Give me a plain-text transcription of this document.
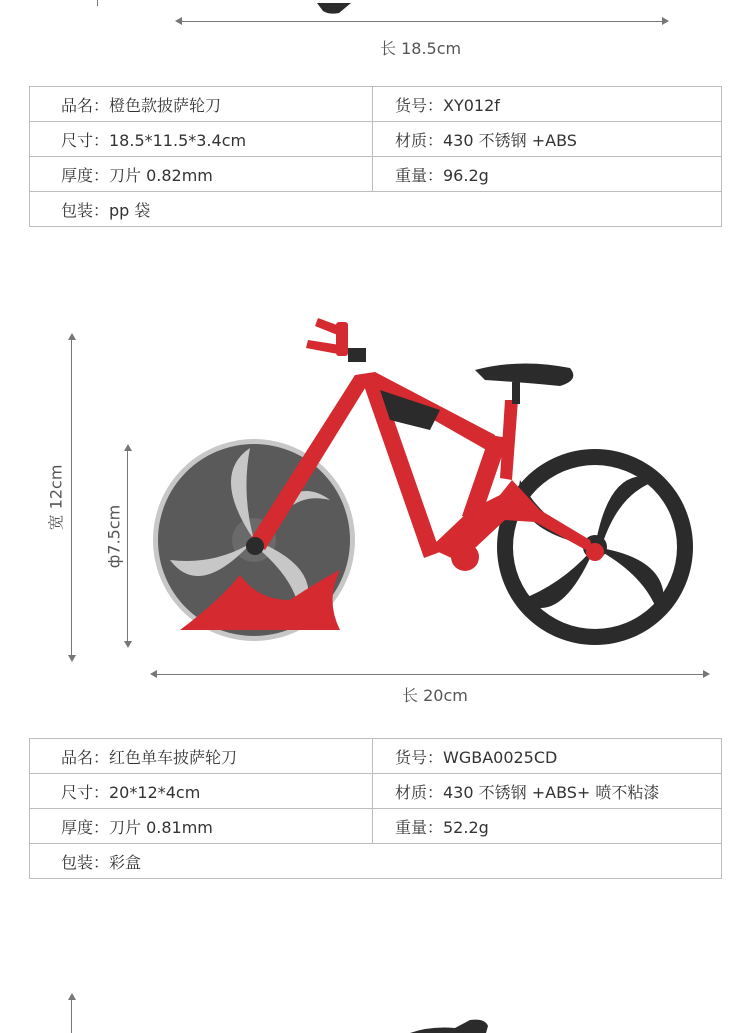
长 18.5cm
品名：橙色款披萨轮刀	货号：XY012f
尺寸：18.5*11.5*3.4cm	材质：430 不锈钢 +ABS
厚度：刀片 0.82mm	重量：96.2g
包装：pp 袋	
宽 12cm
ф7.5cm
长 20cm
品名：红色单车披萨轮刀	货号：WGBA0025CD
尺寸：20*12*4cm	材质：430 不锈钢 +ABS+ 喷不粘漆
厚度：刀片 0.81mm	重量：52.2g
包装：彩盒	
